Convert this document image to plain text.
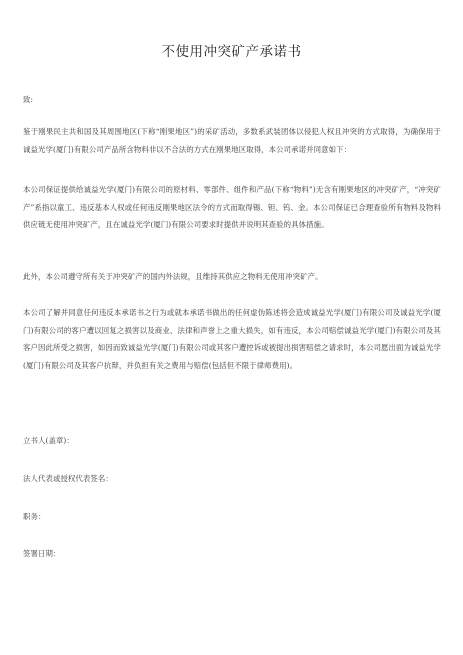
不使用冲突矿产承诺书

致:

鉴于刚果民主共和国及其周围地区(下称“刚果地区”)的采矿活动，多数系武装团体以侵犯人权且冲突的方式取得，为确保用于诚益光学(厦门)有限公司产品所含物料非以不合法的方式在刚果地区取得，本公司承诺并同意如下：

本公司保证提供给诚益光学(厦门)有限公司的原材料、零部件、组件和产品(下称“物料”)无含有刚果地区的冲突矿产，“冲突矿产”系指以童工、违反基本人权或任何违反刚果地区法令的方式而取得锡、钽、钨、金。本公司保证已合理查验所有物料及物料供应链无使用冲突矿产，且在诚益光学(厦门)有限公司要求时提供并说明其查验的具体措施。

此外，本公司遵守所有关于冲突矿产的国内外法规，且维持其供应之物料无使用冲突矿产。

本公司了解并同意任何违反本承诺书之行为或就本承诺书做出的任何虚伪陈述将会造成诚益光学(厦门)有限公司及诚益光学(厦门)有限公司的客户遭以回复之损害以及商业、法律和声誉上之重大损失，如有违反，本公司赔偿诚益光学(厦门)有限公司及其客户因此所受之损害，如因而致诚益光学(厦门)有限公司或其客户遭控诉或被提出损害赔偿之请求时，本公司愿出面为诚益光学(厦门)有限公司及其客户抗辩，并负担有关之费用与赔偿(包括但不限于律师费用)。

立书人(盖章)：

法人代表或授权代表签名：

职务：

签署日期：
